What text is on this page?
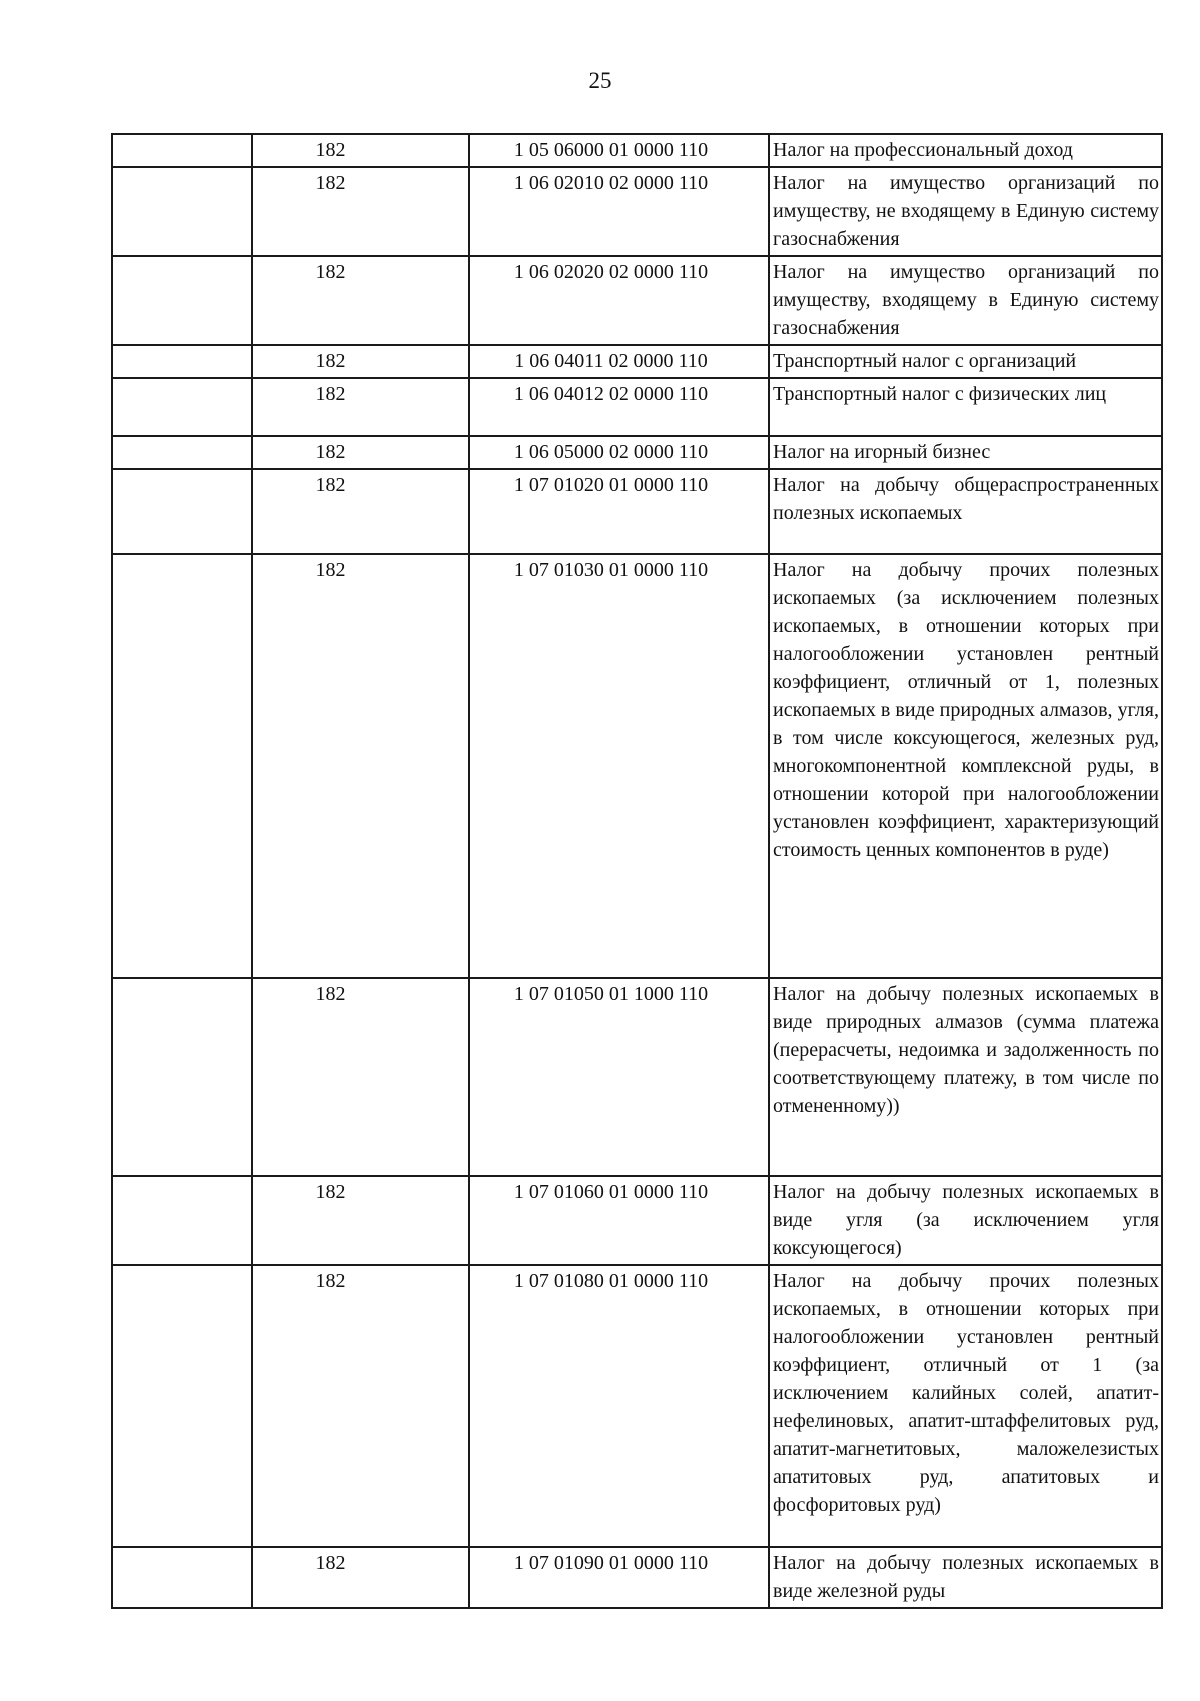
25
	182	1 05 06000 01 0000 110	Налог на профессиональный доход

	182	1 06 02010 02 0000 110	Налог на имущество организаций по имуществу, не входящему в Единую систему газоснабжения

	182	1 06 02020 02 0000 110	Налог на имущество организаций по имуществу, входящему в Единую систему газоснабжения

	182	1 06 04011 02 0000 110	Транспортный налог с организаций

	182	1 06 04012 02 0000 110	Транспортный налог с физических лиц

	182	1 06 05000 02 0000 110	Налог на игорный бизнес

	182	1 07 01020 01 0000 110	Налог на добычу общераспространенных полезных ископаемых

	182	1 07 01030 01 0000 110	Налог на добычу прочих полезных ископаемых (за исключением полезных ископаемых, в отношении которых при налогообложении установлен рентный коэффициент, отличный от 1, полезных ископаемых в виде природных алмазов, угля, в том числе коксующегося, железных руд, многокомпонентной комплексной руды, в отношении которой при налогообложении установлен коэффициент, характеризующий стоимость ценных компонентов в руде)

	182	1 07 01050 01 1000 110	Налог на добычу полезных ископаемых в виде природных алмазов (сумма платежа (перерасчеты, недоимка и задолженность по соответствующему платежу, в том числе по отмененному))

	182	1 07 01060 01 0000 110	Налог на добычу полезных ископаемых в виде угля (за исключением угля коксующегося)

	182	1 07 01080 01 0000 110	Налог на добычу прочих полезных ископаемых, в отношении которых при налогообложении установлен рентный коэффициент, отличный от 1 (за исключением калийных солей, апатит-нефелиновых, апатит-штаффелитовых руд, апатит-магнетитовых, маложелезистых апатитовых руд, апатитовых и фосфоритовых руд)

	182	1 07 01090 01 0000 110	Налог на добычу полезных ископаемых в виде железной руды
